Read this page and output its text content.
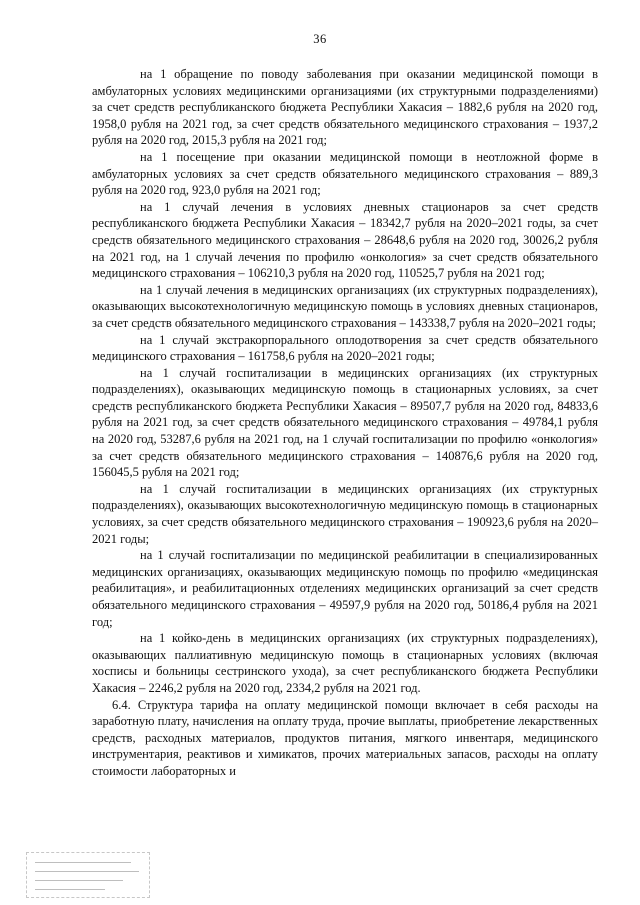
36

на 1 обращение по поводу заболевания при оказании медицинской помощи в амбулаторных условиях медицинскими организациями (их структурными подразделениями) за счет средств республиканского бюджета Республики Хакасия – 1882,6 рубля на 2020 год, 1958,0 рубля на 2021 год, за счет средств обязательного медицинского страхования – 1937,2 рубля на 2020 год, 2015,3 рубля на 2021 год;

на 1 посещение при оказании медицинской помощи в неотложной форме в амбулаторных условиях за счет средств обязательного медицинского страхования – 889,3 рубля на 2020 год, 923,0 рубля на 2021 год;

на 1 случай лечения в условиях дневных стационаров за счет средств республиканского бюджета Республики Хакасия – 18342,7 рубля на 2020–2021 годы, за счет средств обязательного медицинского страхования – 28648,6 рубля на 2020 год, 30026,2 рубля на 2021 год, на 1 случай лечения по профилю «онкология» за счет средств обязательного медицинского страхования – 106210,3 рубля на 2020 год, 110525,7 рубля на 2021 год;

на 1 случай лечения в медицинских организациях (их структурных подразделениях), оказывающих высокотехнологичную медицинскую помощь в условиях дневных стационаров, за счет средств обязательного медицинского страхования – 143338,7 рубля на 2020–2021 годы;

на 1 случай экстракорпорального оплодотворения за счет средств обязательного медицинского страхования – 161758,6 рубля на 2020–2021 годы;

на 1 случай госпитализации в медицинских организациях (их структурных подразделениях), оказывающих медицинскую помощь в стационарных условиях, за счет средств республиканского бюджета Республики Хакасия – 89507,7 рубля на 2020 год, 84833,6 рубля на 2021 год, за счет средств обязательного медицинского страхования – 49784,1 рубля на 2020 год, 53287,6 рубля на 2021 год, на 1 случай госпитализации по профилю «онкология» за счет средств обязательного медицинского страхования – 140876,6 рубля на 2020 год, 156045,5 рубля на 2021 год;

на 1 случай госпитализации в медицинских организациях (их структурных подразделениях), оказывающих высокотехнологичную медицинскую помощь в стационарных условиях, за счет средств обязательного медицинского страхования – 190923,6 рубля на 2020–2021 годы;

на 1 случай госпитализации по медицинской реабилитации в специализированных медицинских организациях, оказывающих медицинскую помощь по профилю «медицинская реабилитация», и реабилитационных отделениях медицинских организаций за счет средств обязательного медицинского страхования – 49597,9 рубля на 2020 год, 50186,4 рубля на 2021 год;

на 1 койко-день в медицинских организациях (их структурных подразделениях), оказывающих паллиативную медицинскую помощь в стационарных условиях (включая хосписы и больницы сестринского ухода), за счет республиканского бюджета Республики Хакасия – 2246,2 рубля на 2020 год, 2334,2 рубля на 2021 год.

6.4. Структура тарифа на оплату медицинской помощи включает в себя расходы на заработную плату, начисления на оплату труда, прочие выплаты, приобретение лекарственных средств, расходных материалов, продуктов питания, мягкого инвентаря, медицинского инструментария, реактивов и химикатов, прочих материальных запасов, расходы на оплату стоимости лабораторных и
